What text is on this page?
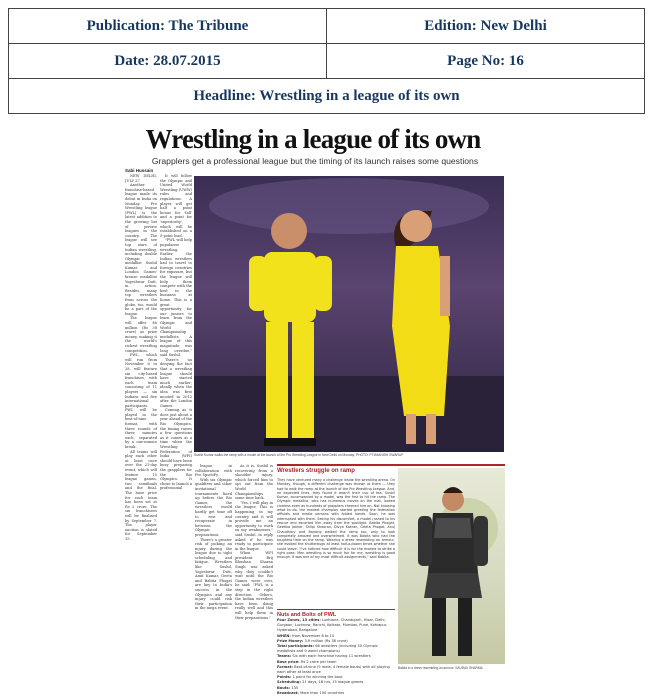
Publication: The Tribune	Edition: New Delhi
Date: 28.07.2015	Page No: 16
Headline: Wrestling in a league of its own	
Wrestling in a league of its own
Grapplers get a professional league but the timing of its launch raises some questions
Sabi Hussain

NEW DELHI, JULY 27

Another franchise-based league made its debut in India on Monday. Pro Wrestling league (PWL) is the latest addition to the growing list of private leagues in the country. The league will see top stars of Indian wrestling, including double Olympic medallist Sushil Kumar and London Games' bronze medallist Yogeshwar Dutt, in action. Besides, many top wrestlers from across the globe, too, would be a part of the league.

The league will offer $6 million (Rs 38 crore) as prize money, making it the world's richest wrestling competition.

PWL, which will run from November 6 to 28, will feature six city-based franchises, with each team consisting of 11 players — six Indians and five international participants. PWL will be played in the best-of-nine format, with three rounds of three minutes each, separated by a one-minute break.

All teams will play each other at least once over the 21-day event, which will feature 15 league games, two semifinals and the final. The base price for each team has been set at Rs 2 crore. The six franchisees will be finalised by September 7. The player auction is slated for September 15.

It will follow the Olympic and United World Wrestling (UWW) rules and regulations. A player will get half a point bonus for 'fall' and a point for 'superiority', which will be established on a 5-point lead.

"PWL will help popularise wrestling. Earlier, the Indian wrestlers had to travel to foreign countries for exposure, but the league will help them compete with the best in the business at home. This is a great opportunity for our juniors to learn from the Olympic and World Championship medallists. A league of this magnitude was long overdue," said Sushil.

There's no denying the fact that a wrestling league should have started much earlier; ideally when the idea was first mooted in 2012 after the London Games.

Coming as it does just about a year ahead of the Rio Olympics, the timing raises a few questions as it comes at a time when the Wrestling Federation of India (WFI) should have been busy preparing the grapplers for the Rio Olympics. It chose to launch a professional

As it is, Sushil is recovering from a shoulder injury, which forced him to opt out from the World Championships some time back.

"Yes, I will play in the league. This is happening in my country and it will provide me an opportunity to work on my weaknesses," said Sushil, in reply asked if he was ready to participate in the league.

When WFI president Brij Bhushan Sharan Singh was asked why they couldn't wait until the Rio Games were over, he said: "PWL is a step in the right direction. Others, the Indian wrestlers have been doing really well and this will help them in their preparations."

league in collaboration with Pro SportiFy.

With six Olympic qualifiers and other invitational tournaments lined up before the Rio Games, the wrestlers would hardly get time off to rest and recuperate in between the Olympic preparations.

There's a greater risk of picking an injury during the league due to tight scheduling and fatigue. Wrestlers like Sushil, Yogeshwar Dutt, Amit Kumar, Geeta and Babita Phogat are key to India's success in the Olympics and any injury could risk their participation in the mega event.

Sushil Kumar walks the ramp with a model at the launch of the Pro Wrestling League in New Delhi on Monday. PHOTO: PTI/MANISH SWARUP
Wrestlers struggle on ramp
They have ventured many a challenge inside the wrestling arena. On Monday, though, a different challenge was thrown at them — they had to walk the ramp at the launch of the Pro Wrestling League. And, on expected lines, they found it wasn't their cup of tea. Sushil Kumar, accompanied by a model, was the first to hit the ramp. The Olympic medallist, who has numerous moves on the mat, looked clueless even as hundreds of grapplers cheered him on. Not knowing what to do, the modest champion started greeting the federation officials and media persons with folded hands. Soon, he was interrupted with them. Seeing his discomfort, a model rushed to his rescue and escorted him away from the spotlight. Babita Phogat, Geetika Jakhar, Shilpi Sheoran, Divya Kakran, Geeta Phogat, Anuj Chaudhary and Bajrang walked the ramp too, only to look completely amazed and overwhelmed. It was Babita who had the toughest time on the ramp. Wearing a dress resembling an armour, she evoked the shutterbugs at least half-a-dozen times whether she could leave. "I've noticed how difficult it is for the models to strike a right pose. Men wrestling is so much fun for me, wrestling is good enough. It was one of my most difficult assignments," said Babita.
Nuts and Bolts of PWL
Four Zones, 13 cities: Ludhiana, Chandigarh, Hisar, Delhi, Gurgaon, Lucknow, Ranchi, Kolkata, Mumbai, Pune, Kohlapur, Hyderabad, Bangalore
WHEN: from November 6 to 15
Prize Money: 3.9 million (Rs 38 crore)
Total participants: 66 wrestlers (including 30 Olympic medallists and 9 world champions)
Teams: Six with each franchise having 11 wrestlers
Base price: Rs 2 crore per team
Format: Best-of-nine (5 male, 4 female bouts) with all playing each other at least once
Points: 1 point for winning the bout
Scheduling: 21 days, 18 hrs, 15 league games
Bouts: 135
Broadcast: More than 150 countries
Babita in a dress resembling an armour. SAURAV SHARMA
